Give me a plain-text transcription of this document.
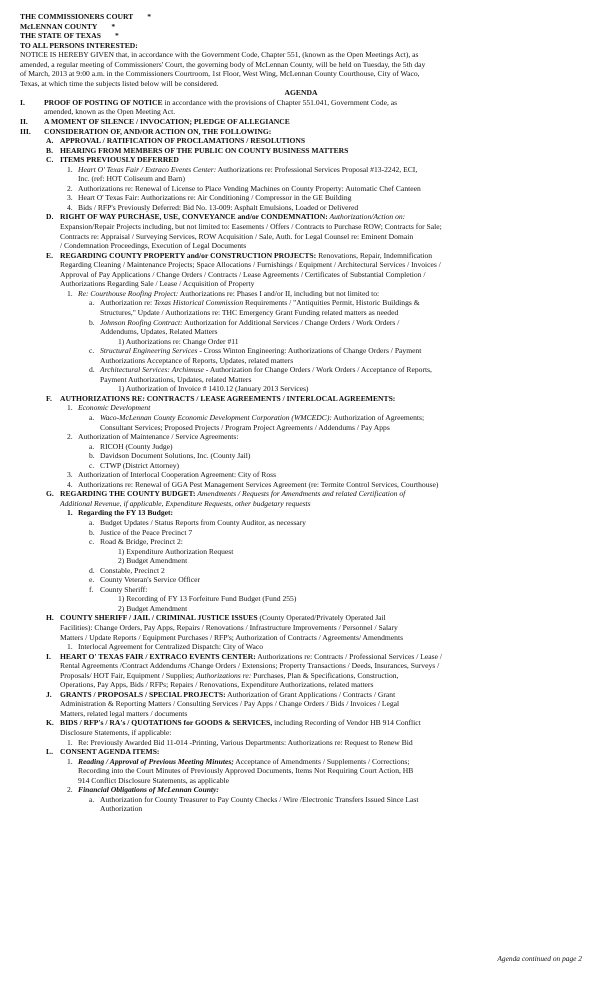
THE COMMISSIONERS COURT *
McLENNAN COUNTY *
THE STATE OF TEXAS *
TO ALL PERSONS INTERESTED:
NOTICE IS HEREBY GIVEN that, in accordance with the Government Code, Chapter 551, (known as the Open Meetings Act), as
amended, a regular meeting of Commissioners' Court, the governing body of McLennan County, will be held on Tuesday, the 5th day
of March, 2013 at 9:00 a.m. in the Commissioners Courtroom, 1st Floor, West Wing, McLennan County Courthouse, City of Waco,
Texas, at which time the subjects listed below will be considered.
AGENDA
I.	PROOF OF POSTING OF NOTICE in accordance with the provisions of Chapter 551.041, Government Code, as
amended, known as the Open Meeting Act.
II.	A MOMENT OF SILENCE / INVOCATION; PLEDGE OF ALLEGIANCE
III.	CONSIDERATION OF, AND/OR ACTION ON, THE FOLLOWING:
A. APPROVAL / RATIFICATION OF PROCLAMATIONS / RESOLUTIONS
B. HEARING FROM MEMBERS OF THE PUBLIC ON COUNTY BUSINESS MATTERS
C. ITEMS PREVIOUSLY DEFERRED
1. Heart O' Texas Fair / Extraco Events Center: Authorizations re: Professional Services Proposal #13-2242, ECI,
Inc. (ref: HOT Coliseum and Barn)
2. Authorizations re: Renewal of License to Place Vending Machines on County Property: Automatic Chef Canteen
3. Heart O' Texas Fair: Authorizations re: Air Conditioning / Compressor in the GE Building
4. Bids / RFP's Previously Deferred: Bid No. 13-009: Asphalt Emulsions, Loaded or Delivered
D. RIGHT OF WAY PURCHASE, USE, CONVEYANCE and/or CONDEMNATION: Authorization/Action on:
Expansion/Repair Projects including, but not limited to: Easements / Offers / Contracts to Purchase ROW; Contracts for Sale;
Contracts re: Appraisal / Surveying Services, ROW Acquisition / Sale, Auth. for Legal Counsel re: Eminent Domain
/ Condemnation Proceedings, Execution of Legal Documents
E. REGARDING COUNTY PROPERTY and/or CONSTRUCTION PROJECTS: Renovations, Repair, Indemnification
Regarding Cleaning / Maintenance Projects; Space Allocations / Furnishings / Equipment / Architectural Services / Invoices /
Approval of Pay Applications / Change Orders / Contracts / Lease Agreements / Certificates of Substantial Completion /
Authorizations Regarding Sale / Lease / Acquisition of Property
1. Re: Courthouse Roofing Project: Authorizations re: Phases I and/or II, including but not limited to:
a. Authorization re: Texas Historical Commission Requirements / "Antiquities Permit, Historic Buildings &
Structures," Update / Authorizations re: THC Emergency Grant Funding related matters as needed
b. Johnson Roofing Contract: Authorization for Additional Services / Change Orders / Work Orders /
Addendums, Updates, Related Matters
1) Authorizations re: Change Order #11
c. Structural Engineering Services - Cross Winton Engineering: Authorizations of Change Orders / Payment
Authorizations Acceptance of Reports, Updates, related matters
d. Architectural Services: Archimuse - Authorization for Change Orders / Work Orders / Acceptance of Reports,
Payment Authorizations, Updates, related Matters
1) Authorization of Invoice # 1410.12 (January 2013 Services)
F. AUTHORIZATIONS RE: CONTRACTS / LEASE AGREEMENTS / INTERLOCAL AGREEMENTS:
1. Economic Development
a. Waco-McLennan County Economic Development Corporation (WMCEDC): Authorization of Agreements;
Consultant Services; Proposed Projects / Program Project Agreements / Addendums / Pay Apps
2. Authorization of Maintenance / Service Agreements:
a. RICOH (County Judge)
b. Davidson Document Solutions, Inc. (County Jail)
c. CTWP (District Attorney)
3. Authorization of Interlocal Cooperation Agreement: City of Ross
4. Authorizations re: Renewal of GGA Pest Management Services Agreement (re: Termite Control Services, Courthouse)
G. REGARDING THE COUNTY BUDGET: Amendments / Requests for Amendments and related Certification of
Additional Revenue, if applicable, Expenditure Requests, other budgetary requests
1. Regarding the FY 13 Budget:
a. Budget Updates / Status Reports from County Auditor, as necessary
b. Justice of the Peace Precinct 7
c. Road & Bridge, Precinct 2:
1) Expenditure Authorization Request
2) Budget Amendment
d. Constable, Precinct 2
e. County Veteran's Service Officer
f. County Sheriff:
1) Recording of FY 13 Forfeiture Fund Budget (Fund 255)
2) Budget Amendment
H. COUNTY SHERIFF / JAIL / CRIMINAL JUSTICE ISSUES (County Operated/Privately Operated Jail
Facilities): Change Orders, Pay Apps, Repairs / Renovations / Infrastructure Improvements / Personnel / Salary
Matters / Update Reports / Equipment Purchases / RFP's; Authorization of Contracts / Agreements/ Amendments
1. Interlocal Agreement for Centralized Dispatch: City of Waco
I. HEART O' TEXAS FAIR / EXTRACO EVENTS CENTER: Authorizations re: Contracts / Professional Services / Lease /
Rental Agreements /Contract Addendums /Change Orders / Extensions; Property Transactions / Deeds, Insurances, Surveys /
Proposals/ HOT Fair, Equipment / Supplies; Authorizations re: Purchases, Plan & Specifications, Construction,
Operations, Pay Apps, Bids / RFPs; Repairs / Renovations, Expenditure Authorizations, related matters
J. GRANTS / PROPOSALS / SPECIAL PROJECTS: Authorization of Grant Applications / Contracts / Grant
Administration & Reporting Matters / Consulting Services / Pay Apps / Change Orders / Bids / Invoices / Legal
Matters, related legal matters / documents
K. BIDS / RFP's / RA's / QUOTATIONS for GOODS & SERVICES, including Recording of Vendor HB 914 Conflict
Disclosure Statements, if applicable:
1. Re: Previously Awarded Bid 11-014 -Printing, Various Departments: Authorizations re: Request to Renew Bid
L. CONSENT AGENDA ITEMS:
1. Reading / Approval of Previous Meeting Minutes; Acceptance of Amendments / Supplements / Corrections;
Recording into the Court Minutes of Previously Approved Documents, Items Not Requiring Court Action, HB
914 Conflict Disclosure Statements, as applicable
2. Financial Obligations of McLennan County:
a. Authorization for County Treasurer to Pay County Checks / Wire /Electronic Transfers Issued Since Last
Authorization
Agenda continued on page 2
